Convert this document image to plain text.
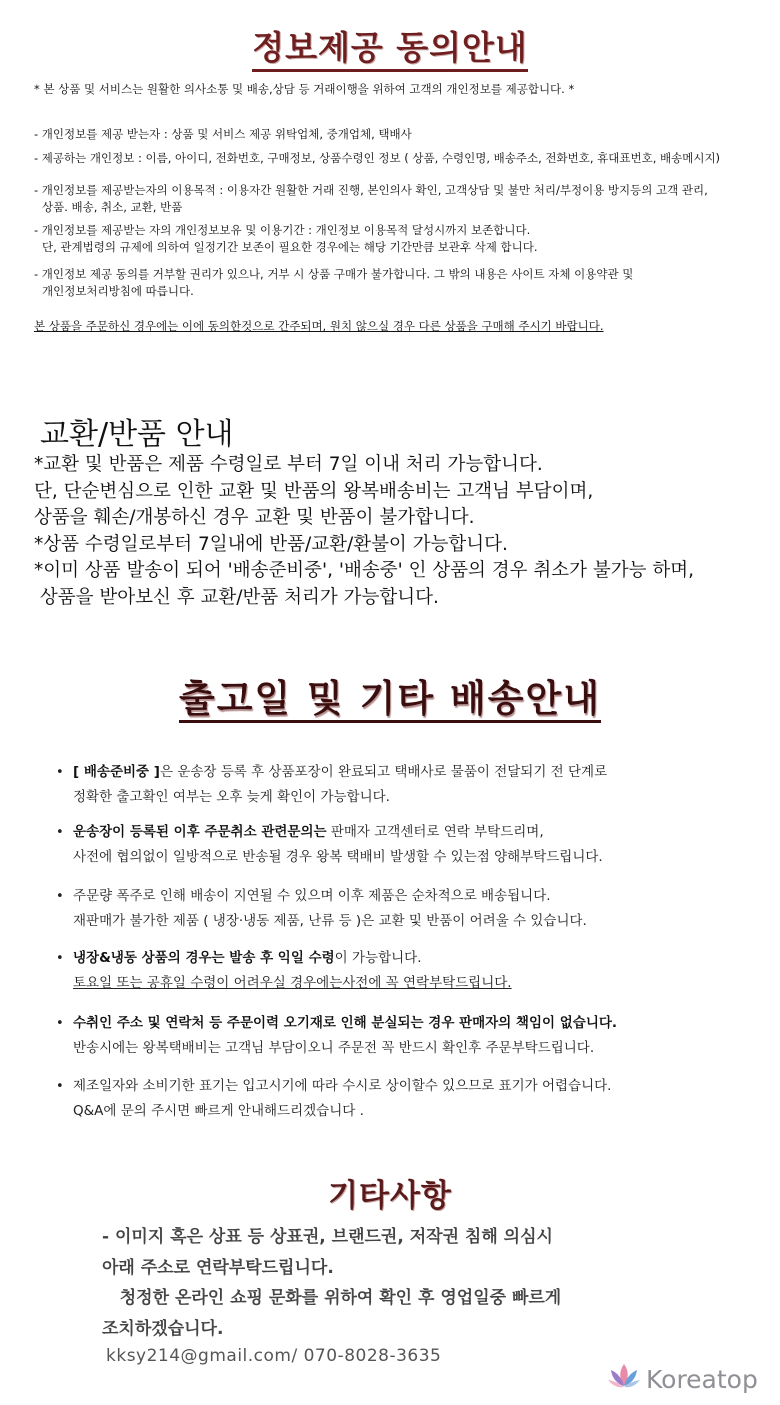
정보제공 동의안내
* 본 상품 및 서비스는 원활한 의사소통 및 배송,상담 등 거래이행을 위하여 고객의 개인정보를 제공합니다. *
- 개인정보를 제공 받는자 : 상품 및 서비스 제공 위탁업체, 중개업체, 택배사
- 제공하는 개인정보 : 이름, 아이디, 전화번호, 구매정보, 상품수령인 정보 ( 상품, 수령인명, 배송주소, 전화번호, 휴대표번호, 배송메시지)
- 개인정보를 제공받는자의 이용목적 : 이용자간 원활한 거래 진행, 본인의사 확인, 고객상담 및 불만 처리/부정이용 방지등의 고객 관리,
상품. 배송, 취소, 교환, 반품
- 개인정보를 제공받는 자의 개인정보보유 및 이용기간 : 개인정보 이용목적 달성시까지 보존합니다.
단, 관계법령의 규제에 의하여 일정기간 보존이 필요한 경우에는 해당 기간만큼 보관후 삭제 합니다.
- 개인정보 제공 동의를 거부할 권리가 있으나, 거부 시 상품 구매가 불가합니다. 그 밖의 내용은 사이트 자체 이용약관 및
개인정보처리방침에 따릅니다.
본 상품을 주문하신 경우에는 이에 동의한것으로 간주되며, 원치 않으실 경우 다른 상품을 구매해 주시기 바랍니다.
교환/반품 안내
*교환 및 반품은 제품 수령일로 부터 7일 이내 처리 가능합니다.
단, 단순변심으로 인한 교환 및 반품의 왕복배송비는 고객님 부담이며,
상품을 훼손/개봉하신 경우 교환 및 반품이 불가합니다.
*상품 수령일로부터 7일내에 반품/교환/환불이 가능합니다.
*이미 상품 발송이 되어 '배송준비중', '배송중' 인 상품의 경우 취소가 불가능 하며,
상품을 받아보신 후 교환/반품 처리가 가능합니다.
출고일 및 기타 배송안내
• [ 배송준비중 ]은 운송장 등록 후 상품포장이 완료되고 택배사로 물품이 전달되기 전 단계로
정확한 출고확인 여부는 오후 늦게 확인이 가능합니다.
• 운송장이 등록된 이후 주문취소 관련문의는 판매자 고객센터로 연락 부탁드리며,
사전에 협의없이 일방적으로 반송될 경우 왕복 택배비 발생할 수 있는점 양해부탁드립니다.
• 주문량 폭주로 인해 배송이 지연될 수 있으며 이후 제품은 순차적으로 배송됩니다.
재판매가 불가한 제품 ( 냉장·냉동 제품, 난류 등 )은 교환 및 반품이 어려울 수 있습니다.
• 냉장&냉동 상품의 경우는 발송 후 익일 수령이 가능합니다.
토요일 또는 공휴일 수령이 어려우실 경우에는사전에 꼭 연락부탁드립니다.
• 수취인 주소 및 연락처 등 주문이력 오기재로 인해 분실되는 경우 판매자의 책임이 없습니다.
반송시에는 왕복택배비는 고객님 부담이오니 주문전 꼭 반드시 확인후 주문부탁드립니다.
• 제조일자와 소비기한 표기는 입고시기에 따라 수시로 상이할수 있으므로 표기가 어렵습니다.
Q&A에 문의 주시면 빠르게 안내해드리겠습니다 .
기타사항
- 이미지 혹은 상표 등 상표권, 브랜드권, 저작권 침해 의심시
아래 주소로 연락부탁드립니다.
청정한 온라인 쇼핑 문화를 위하여 확인 후 영업일중 빠르게
조치하겠습니다.
kksy214@gmail.com/ 070-8028-3635
Koreatop
